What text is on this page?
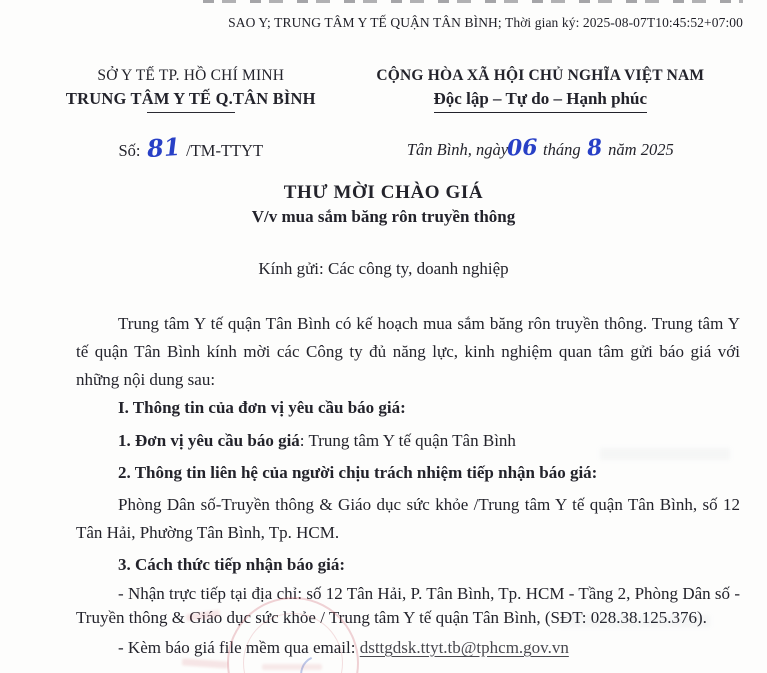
SAO Y; TRUNG TÂM Y TẾ QUẬN TÂN BÌNH; Thời gian ký: 2025-08-07T10:45:52+07:00
SỞ Y TẾ TP. HỒ CHÍ MINH
TRUNG TÂM Y TẾ Q.TÂN BÌNH
CỘNG HÒA XÃ HỘI CHỦ NGHĨA VIỆT NAM
Độc lập – Tự do – Hạnh phúc
Số: 81 /TM-TTYT	Tân Bình, ngày 06 tháng 8 năm 2025
THƯ MỜI CHÀO GIÁ
V/v mua sắm băng rôn truyền thông
Kính gửi: Các công ty, doanh nghiệp

Trung tâm Y tế quận Tân Bình có kế hoạch mua sắm băng rôn truyền thông. Trung tâm Y tế quận Tân Bình kính mời các Công ty đủ năng lực, kinh nghiệm quan tâm gửi báo giá với những nội dung sau:

I. Thông tin của đơn vị yêu cầu báo giá:

1. Đơn vị yêu cầu báo giá: Trung tâm Y tế quận Tân Bình

2. Thông tin liên hệ của người chịu trách nhiệm tiếp nhận báo giá:

Phòng Dân số-Truyền thông & Giáo dục sức khỏe /Trung tâm Y tế quận Tân Bình, số 12 Tân Hải, Phường Tân Bình, Tp. HCM.

3. Cách thức tiếp nhận báo giá:

- Nhận trực tiếp tại địa chỉ: số 12 Tân Hải, P. Tân Bình, Tp. HCM - Tầng 2, Phòng Dân số - Truyền thông & Giáo dục sức khỏe / Trung tâm Y tế quận Tân Bình, (SĐT: 028.38.125.376).

- Kèm báo giá file mềm qua email: dsttgdsk.ttyt.tb@tphcm.gov.vn
